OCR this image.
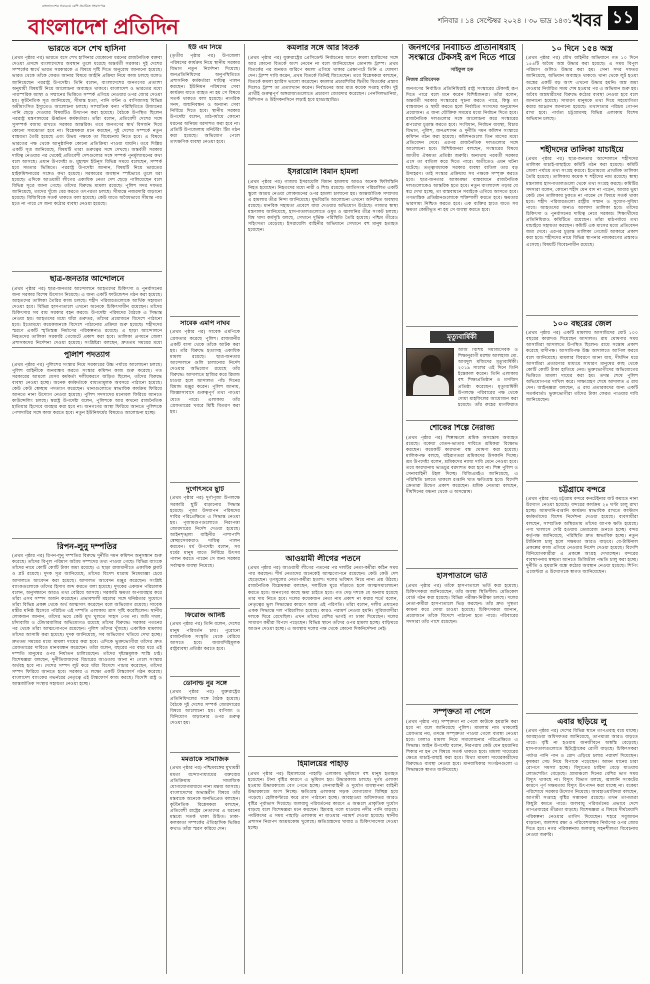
বাংলাদেশের সবচেয়ে বেশি প্রচারিত সংবাদপত্র
বাংলাদেশ প্রতিদিন	শনিবার । ১৪ সেপ্টেম্বর ২০২৪ । ৩০ ভাদ্র ১৪৩১ খবর ১১
ভারতে বসে শেখ হাসিনা
(প্রথম পৃষ্ঠার পর) ভারতে বসে শেখ হাসিনার যেকোনো ধরনের রাজনৈতিক বক্তব্য দেওয়া প্রসঙ্গে বাংলাদেশের অবস্থান তুলে ধরেছে অন্তর্বর্তী সরকার। দুই দেশের সম্পর্কের স্বার্থে ভারত সরকারকে এ বিষয়ে দৃষ্টি দিতে অনুরোধ জানানো হয়েছে। ভারত থেকে তাঁকে ফেরত আনার বিষয়ে আইনি প্রক্রিয়া নিয়ে কাজ চলছে বলেও জানিয়েছেন পররাষ্ট্র উপদেষ্টা। তিনি বলেন, বাংলাদেশের জনগণের প্রত্যাশা অনুযায়ী বিষয়টি নিয়ে আলোচনা অব্যাহত থাকবে। বাংলাদেশ ও ভারতের মধ্যে পারস্পরিক আস্থা ও সম্মানের ভিত্তিতে সম্পর্ক এগিয়ে নেওয়ার ওপর জোর দেওয়া হয়। কূটনৈতিক সূত্র জানিয়েছে, সীমান্ত হত্যা, পানি বণ্টন ও বাণিজ্যসহ বিভিন্ন অমীমাংসিত ইস্যুতেও আলোচনা চলছে। সাম্প্রতিক বন্যা পরিস্থিতিতে উজানের পানি ছেড়ে দেওয়ার বিষয়টিও উত্থাপন করা হয়েছে। বৈঠকে উপস্থিত ছিলেন পররাষ্ট্র মন্ত্রণালয়ের ঊর্ধ্বতন কর্মকর্তারা। তাঁরা বলেন, প্রতিবেশী দেশের সঙ্গে সুসম্পর্ক বজায় রাখতে সরকার আন্তরিক। তবে জনগণের স্বার্থ বিসর্জন দিয়ে কোনো সমঝোতা হবে না। বিশ্লেষকরা মনে করছেন, দুই দেশের সম্পর্কে নতুন বাস্তবতা তৈরি হয়েছে এবং উভয় পক্ষকে তা বিবেচনায় নিতে হবে। এ বিষয়ে ভারতের পক্ষ থেকে আনুষ্ঠানিক কোনো প্রতিক্রিয়া পাওয়া যায়নি। তবে দিল্লির একটি সূত্র জানিয়েছে, বিষয়টি তারা গুরুত্বের সঙ্গে দেখছে। অন্তর্বর্তী সরকার দায়িত্ব নেওয়ার পর থেকেই প্রতিবেশী দেশগুলোর সঙ্গে সম্পর্ক পুনর্মূল্যায়নের কথা বলে আসছে। প্রধান উপদেষ্টা ড. মুহাম্মদ ইউনূস বিভিন্ন সময়ে বলেছেন, সম্পর্ক হবে সমতার ভিত্তিতে। পররাষ্ট্র উপদেষ্টা জানান, বিষয়টি নিয়ে ভারতের হাইকমিশনারের সঙ্গেও কথা হয়েছে। সরকারের অবস্থান স্পষ্টভাবে তুলে ধরা হয়েছে। এদিকে আওয়ামী লীগের একাধিক নেতা দেশ ছেড়ে পালিয়েছেন বলে বিভিন্ন সূত্রে জানা গেছে। তাঁদের বিরুদ্ধে মামলা রয়েছে। পুলিশ সদর দফতর জানিয়েছে, তাদের খুঁজে বের করতে তৎপরতা চলছে। সীমান্তে নজরদারি বাড়ানো হয়েছে। বিজিবিকে সতর্ক থাকতে বলা হয়েছে। কেউ যাতে অবৈধভাবে সীমান্ত পার হতে না পারে সে জন্য কঠোর ব্যবস্থা নেওয়া হয়েছে।
ছাত্র-জনতার আন্দোলনে
(প্রথম পৃষ্ঠার পর) ছাত্র-জনতার আন্দোলনে আহতদের চিকিৎসা ও পুনর্বাসনের জন্য সরকার বিশেষ উদ্যোগ নিয়েছে। এ জন্য একটি ফাউন্ডেশন গঠন করা হয়েছে। আহতদের তালিকা তৈরির কাজ চলছে। শহীদ পরিবারগুলোকে আর্থিক সহায়তা দেওয়া হবে। বিভিন্ন হাসপাতালে এখনো অনেকে চিকিৎসাধীন রয়েছেন। তাঁদের চিকিৎসার সব ব্যয় সরকার বহন করবে। উপদেষ্টা পরিষদের বৈঠকে এ সিদ্ধান্ত নেওয়া হয়। আহতদের মধ্যে যাঁরা গুরুতর, তাঁদের প্রয়োজনে বিদেশে পাঠানো হবে। ইতোমধ্যে কয়েকজনকে বিদেশে পাঠানোর প্রক্রিয়া শুরু হয়েছে। শহীদদের স্মরণে একটি স্মৃতিস্তম্ভ নির্মাণের পরিকল্পনাও রয়েছে। এ ছাড়া আন্দোলনে নিহতদের তালিকা সরকারি গেজেটে প্রকাশ করা হবে। তালিকা প্রণয়নে জেলা প্রশাসকদের নির্দেশনা দেওয়া হয়েছে। সংশ্লিষ্টরা বলছেন, দ্রুততম সময়ের মধ্যে
পুলিশি পদত্যাগ
(প্রথম পৃষ্ঠার পর) পুলিশের সংস্কার নিয়ে সরকারের উচ্চ পর্যায়ে আলোচনা চলছে। পুলিশ বাহিনীকে জনবান্ধব করতে সংস্কার কমিশন কাজ শুরু করেছে। গত সরকারের আমলে যেসব কর্মকর্তা দলীয়করণে জড়িত ছিলেন, তাঁদের বিরুদ্ধে ব্যবস্থা নেওয়া হচ্ছে। অনেক কর্মকর্তাকে বাধ্যতামূলক অবসরে পাঠানো হয়েছে। কেউ কেউ স্বেচ্ছায় পদত্যাগ করেছেন। থানাগুলোতে স্বাভাবিক কার্যক্রম ফিরিয়ে আনতে নানা উদ্যোগ নেওয়া হয়েছে। পুলিশ সদস্যদের মনোবল ফিরিয়ে আনতে কাউন্সেলিং চলছে। স্বরাষ্ট্র উপদেষ্টা বলেন, পুলিশকে আর কখনো রাজনৈতিক হাতিয়ার হিসেবে ব্যবহার করা হবে না। জনগণের আস্থা ফিরিয়ে আনতে পুলিশকে পেশাদারির সঙ্গে কাজ করতে হবে। নতুন ইউনিফর্মের বিষয়েও আলোচনা হচ্ছে।
রিপন-লুনু দম্পতির
(প্রথম পৃষ্ঠার পর) রিপন-লুনু দম্পতির বিরুদ্ধে দুর্নীতি দমন কমিশন অনুসন্ধান শুরু করেছে। তাঁদের বিপুল পরিমাণ অবৈধ সম্পদের তথ্য পাওয়া গেছে। বিভিন্ন ব্যাংকে তাঁদের নামে কোটি কোটি টাকা জমা রয়েছে। এ ছাড়া রাজধানীতে একাধিক ফ্ল্যাট ও প্লট রয়েছে। দুদক সূত্র জানিয়েছে, তাঁদের বিদেশ যাত্রায় নিষেধাজ্ঞা চেয়ে আদালতে আবেদন করা হয়েছে। আদালত আবেদন মঞ্জুর করেছেন। সংশ্লিষ্ট ব্যাংকগুলোকে তাঁদের হিসাব জব্দ করতে বলা হয়েছে। দুদকের একজন পরিচালক বলেন, অনুসন্ধানে আরও তথ্য বেরিয়ে আসছে। সরকারি ক্ষমতা অপব্যবহার করে তাঁরা এসব সম্পদ অর্জন করেছেন। প্রভাবশালী মহলের সঙ্গে ঘনিষ্ঠতার সুযোগে তাঁরা বিভিন্ন প্রকল্প থেকে অর্থ আত্মসাৎ করেছেন বলে অভিযোগ রয়েছে। সাবেক মন্ত্রীর ঘনিষ্ঠ হিসেবে পরিচিত এই দম্পতি এলাকায় ত্রাস সৃষ্টি করেছিলেন। স্থানীয় লোকজন জানান, তাঁদের ভয়ে কেউ মুখ খুলতে সাহস পেত না। জমি দখল, চাঁদাবাজি ও টেন্ডারবাজির অভিযোগও রয়েছে তাঁদের বিরুদ্ধে। সরকার পতনের পর থেকে তাঁরা আত্মগোপনে রয়েছেন। পুলিশ তাঁদের খুঁজছে। একাধিক মামলায় তাঁদের আসামি করা হয়েছে। দুদক জানিয়েছে, সব অভিযোগ খতিয়ে দেখা হচ্ছে। দ্রুততম সময়ের মধ্যে মামলা দায়ের করা হবে। এদিকে ভুক্তভোগীরা তাঁদের দ্রুত গ্রেফতারের দাবিতে মানববন্ধন করেছেন। তাঁরা বলেন, বছরের পর বছর ধরে এই দম্পতি মানুষের ওপর নির্যাতন চালিয়েছেন। তাঁদের দৃষ্টান্তমূলক শাস্তি চাই। বিশেষজ্ঞরা বলছেন, দুর্নীতিবাজদের বিচারের আওতায় আনা না গেলে সংস্কার অর্থবহ হবে না। দেশের সম্পদ লুট করে যাঁরা বিদেশে পাচার করেছেন, তাঁদের সম্পদ ফিরিয়ে আনতে হবে। সরকার এ লক্ষ্যে একটি টাস্কফোর্স গঠন করেছে। বাংলাদেশ ব্যাংকের গভর্নরের নেতৃত্বে এই টাস্কফোর্স কাজ করছে। বিদেশি রাষ্ট্র ও আন্তর্জাতিক সংস্থার সহায়তা নেওয়া হচ্ছে।
ইউ এম নিয়ে
(তৃতীয় পৃষ্ঠার পর) উপজেলা পরিষদের কার্যক্রম নিয়ে স্থানীয় সরকার বিভাগ নতুন নির্দেশনা দিয়েছে। জনপ্রতিনিধিদের অনুপস্থিতিতে প্রশাসনিক কর্মকর্তারা দায়িত্ব পালন করছেন। ইউনিয়ন পরিষদের সেবা কার্যক্রম যাতে ব্যাহত না হয় সে বিষয়ে সতর্ক থাকতে বলা হয়েছে। নাগরিক সনদ, জন্মনিবন্ধন ও অন্যান্য সেবা নির্বিঘ্নে দিতে হবে। স্থানীয় সরকার উপদেষ্টা বলেন, মাঠপর্যায়ে কোনো ধরনের অনিয়ম বরদাশত করা হবে না। প্রতিটি উপজেলায় মনিটরিং টিম গঠন করা হয়েছে। অভিযোগ পেলে তাৎক্ষণিক ব্যবস্থা নেওয়া হবে।
সাবেক এমপি নাঘব
(প্রথম পৃষ্ঠার পর) সাবেক এমপিকে গ্রেফতার করেছে পুলিশ। রাজধানীর একটি বাসা থেকে তাঁকে আটক করা হয়। তাঁর বিরুদ্ধে হত্যাসহ একাধিক মামলা রয়েছে। ছাত্র-জনতার আন্দোলনে গুলি চালানোর নির্দেশ দেওয়ার অভিযোগ রয়েছে তাঁর বিরুদ্ধে। আদালতে হাজির করে রিমান্ড চাওয়া হলে আদালত পাঁচ দিনের রিমান্ড মঞ্জুর করেন। পুলিশ জানায়, জিজ্ঞাসাবাদে গুরুত্বপূর্ণ তথ্য পাওয়া যেতে পারে। এলাকায় তাঁর গ্রেফতারের খবরে মিষ্টি বিতরণ করা হয়।
দুর্গোৎসবে ছুটি
(প্রথম পৃষ্ঠার পর) দুর্গাপূজা উপলক্ষে সরকারি ছুটি বাড়ানোর সিদ্ধান্ত হয়েছে। পূজা উদযাপন পরিষদের দাবির পরিপ্রেক্ষিতে এ সিদ্ধান্ত নেওয়া হয়। পূজামণ্ডপগুলোতে নিরাপত্তা জোরদারের নির্দেশ দেওয়া হয়েছে। আইনশৃঙ্খলা বাহিনীর পাশাপাশি স্বেচ্ছাসেবকরাও দায়িত্ব পালন করবেন। ধর্ম উপদেষ্টা বলেন, সব ধর্মের মানুষ যাতে নির্বিঘ্নে উৎসব পালন করতে পারেন সে জন্য সরকার সর্বাত্মক ব্যবস্থা নিয়েছে।
ফিরোজ আনিষ্ট
(প্রথম পৃষ্ঠার পর) তিনি বলেন, দেশের মানুষ পরিবর্তন চায়। পুরোনো রাজনৈতিক সংস্কৃতি থেকে বেরিয়ে আসতে হবে। জবাবদিহিমূলক রাষ্ট্রব্যবস্থা প্রতিষ্ঠা করতে হবে।
ডোনাল্ড নুর সঙ্গে
(প্রথম পৃষ্ঠার পর) যুক্তরাষ্ট্রের প্রতিনিধিদলের সঙ্গে বৈঠক হয়েছে। বৈঠকে দুই দেশের সম্পর্ক জোরদারের বিষয়ে আলোচনা হয়। বাণিজ্য ও বিনিয়োগ বাড়ানোর ওপর গুরুত্ব দেওয়া হয়।
মমতাকে সামাজিক
(প্রথম পৃষ্ঠার পর) পশ্চিমবঙ্গের মুখ্যমন্ত্রী মমতা বন্দ্যোপাধ্যায়ের বক্তব্যের প্রতিক্রিয়ায় সামাজিক যোগাযোগমাধ্যমে নানা মন্তব্য আসছে। বাংলাদেশের অভ্যন্তরীণ বিষয়ে তাঁর মন্তব্যকে অনেকে অনভিপ্রেত বলছেন। কূটনৈতিক বিশ্লেষকরা বলছেন, প্রতিবেশী রাষ্ট্রের নেতাদের এ ধরনের মন্তব্যে সতর্ক থাকা উচিত। ঢাকা-কলকাতা সম্পর্কের ঐতিহাসিক ভিত্তির কথাও তাঁরা স্মরণ করিয়ে দেন।
কমলার সঙ্গে আর বিতর্ক
(প্রথম পৃষ্ঠার পর) যুক্তরাষ্ট্রের প্রেসিডেন্ট নির্বাচনের আগে কমলা হ্যারিসের সঙ্গে আর কোনো বিতর্কে অংশ নেবেন না বলে জানিয়েছেন ডোনাল্ড ট্রাম্প। প্রথম বিতর্কের পর জনমত জরিপে কমলা এগিয়ে থাকার প্রেক্ষাপটে তিনি এ ঘোষণা দেন। ট্রাম্প দাবি করেন, প্রথম বিতর্কে তিনিই জিতেছেন। তবে বিশ্লেষকরা বলছেন, বিতর্কে কমলা হ্যারিস ভালো করেছেন। কমলার প্রচারশিবির দ্বিতীয় বিতর্কের প্রস্তাব দিলেও ট্রাম্প তা প্রত্যাখ্যান করেন। নির্বাচনের আর মাত্র কয়েক সপ্তাহ বাকি। দুই প্রার্থীই গুরুত্বপূর্ণ অঙ্গরাজ্যগুলোতে প্রচারণা জোরদার করেছেন। পেনসিলভানিয়া, মিশিগান ও উইসকনসিনে লড়াই হবে হাড্ডাহাড্ডি।
ইসরায়েলি বিমান হামলা
(প্রথম পৃষ্ঠার পর) গাজায় ইসরায়েলি বিমান হামলায় আরও অনেক ফিলিস্তিনি নিহত হয়েছেন। নিহতদের মধ্যে নারী ও শিশু রয়েছে। জাতিসংঘ পরিচালিত একটি স্কুলে আশ্রয় নেওয়া লোকজনের ওপর হামলা চালানো হয়। আন্তর্জাতিক সম্প্রদায় এ হামলার তীব্র নিন্দা জানিয়েছে। যুদ্ধবিরতি আলোচনা এখনো অনিশ্চিত অবস্থায় রয়েছে। মানবিক সহায়তা প্রবেশে বাধা দেওয়ার অভিযোগ উঠেছে। গাজার স্বাস্থ্য মন্ত্রণালয় জানিয়েছে, হাসপাতালগুলোতে ওষুধ ও জ্বালানির তীব্র সংকট চলছে। বিশ্ব খাদ্য কর্মসূচি বলছে, সেখানে দুর্ভিক্ষ পরিস্থিতি তৈরি হয়েছে। পশ্চিম তীরেও সহিংসতা বেড়েছে। ইসরায়েলি বাহিনীর অভিযানে সেখানে বহু মানুষ হতাহত হয়েছেন।
আওয়ামী লীগের পতনে
(প্রথম পৃষ্ঠার পর) আওয়ামী লীগের পতনের পর দলটির নেতা-কর্মীরা কঠিন সময় পার করছেন। শীর্ষ নেতাদের অনেকেই আত্মগোপনে রয়েছেন। কেউ কেউ দেশ ছেড়েছেন। তৃণমূলের নেতা-কর্মীরা হতাশ। দলের ভবিষ্যৎ নিয়ে নানা প্রশ্ন উঠছে। রাজনৈতিক বিশ্লেষকরা বলছেন, দলটিকে ঘুরে দাঁড়াতে হলে আত্মসমালোচনা করতে হবে। জনগণের কাছে ক্ষমা চাইতে হবে। গত দেড় দশকে যে অন্যায় হয়েছে তার দায় নিতে হবে। দলের কয়েকজন নেতা নাম প্রকাশ না করার শর্তে বলেন, নেতৃত্বের ভুল সিদ্ধান্তের কারণে আজ এই পরিণতি। তাঁরা বলেন, দলীয় প্রধানের একক সিদ্ধান্তে দল পরিচালিত হয়েছে। কারও পরামর্শ নেওয়া হয়নি। সুবিধাবাদীরা দলকে ঘিরে রেখেছিল। এখন তাঁদের বেশির ভাগই গা ঢাকা দিয়েছেন। দলের সাধারণ কর্মীরা বিপদে পড়েছেন। বিভিন্ন স্থানে তাঁদের ওপর হামলা হচ্ছে। বাড়িঘরে আগুন দেওয়া হচ্ছে। এ অবস্থায় দলের পক্ষ থেকে কোনো দিকনির্দেশনা নেই।
হিমালয়ের পাহাড়
(প্রথম পৃষ্ঠার পর) হিমালয়ের পাহাড়ি এলাকায় ভূমিধসে বহু মানুষ হতাহত হয়েছেন। টানা বৃষ্টির কারণে এ ভূমিধস হয়। উদ্ধারকাজ চলছে। দুর্গম এলাকা হওয়ায় উদ্ধারকাজে বেগ পেতে হচ্ছে। সেনাবাহিনী ও দুর্যোগ ব্যবস্থাপনা বাহিনী উদ্ধারকাজে অংশ নিচ্ছে। ক্ষতিগ্রস্ত এলাকার সড়ক যোগাযোগ বিচ্ছিন্ন হয়ে পড়েছে। হেলিকপ্টারে করে ত্রাণ পাঠানো হচ্ছে। আবহাওয়া অধিদফতর আরও বৃষ্টির পূর্বাভাস দিয়েছে। জলবায়ু পরিবর্তনের কারণে এ অঞ্চলে প্রাকৃতিক দুর্যোগ বাড়ছে বলে বিশেষজ্ঞরা মনে করছেন। হিমবাহ গলে যাওয়ায় নদীর পানি বাড়ছে। পর্যটকদের এ সময় পাহাড়ি এলাকায় না যাওয়ার পরামর্শ দেওয়া হয়েছে। স্থানীয় প্রশাসন নিরাপদ আশ্রয়কেন্দ্র খুলেছে। ক্ষতিগ্রস্তদের খাবার ও চিকিৎসাসেবা দেওয়া হচ্ছে।
জনগণের নির্বাচিত প্রতিনিধিরাই সংস্কারে টেকসই রূপ দিতে পারে
সাইফুল হক
নিজস্ব প্রতিবেদক
জনগণের নির্বাচিত প্রতিনিধিরাই রাষ্ট্র সংস্কারের টেকসই রূপ দিতে পারে বলে মনে করেন বিশিষ্টজনরা। তাঁরা বলেন, অন্তর্বর্তী সরকার সংস্কারের সূচনা করতে পারে, কিন্তু তা বাস্তবায়ন ও স্থায়ী করতে হলে নির্বাচিত সংসদের অনুমোদন প্রয়োজন। এ জন্য যৌক্তিক সময়ের মধ্যে নির্বাচন দিতে হবে। রাজনৈতিক দলগুলোর সঙ্গে আলোচনা করে সংস্কারের রূপরেখা চূড়ান্ত করতে হবে। সংবিধান, নির্বাচন ব্যবস্থা, বিচার বিভাগ, পুলিশ, জনপ্রশাসন ও দুর্নীতি দমন কমিশন সংস্কারে কমিশন গঠন করা হয়েছে। কমিশনগুলো তিন মাসের মধ্যে প্রতিবেদন দেবে। এরপর রাজনৈতিক দলগুলোর সঙ্গে আলোচনা হবে। বিশিষ্টজনরা বলছেন, সংস্কারের বিষয়ে জাতীয় ঐকমত্য প্রতিষ্ঠা জরুরি। অন্যথায় পরবর্তী সরকার এসে তা বাতিল করে দিতে পারে। অতীতেও এমন ঘটনা ঘটেছে। তত্ত্বাবধায়ক সরকার ব্যবস্থা বাতিল তার বড় উদাহরণ। তাই সংস্কার প্রক্রিয়ায় সব পক্ষকে সম্পৃক্ত করতে হবে। ছাত্র-জনতার আকাঙ্ক্ষা বাস্তবায়নে রাজনৈতিক দলগুলোকেও আন্তরিক হতে হবে। নতুন বাংলাদেশ গড়ার যে স্বপ্ন দেখা হচ্ছে, তা বাস্তবায়নে সবাইকে এগিয়ে আসতে হবে। গণতান্ত্রিক প্রতিষ্ঠানগুলোকে শক্তিশালী করতে হবে। ক্ষমতার ভারসাম্য নিশ্চিত করতে হবে। এক ব্যক্তির হাতে যাতে সব ক্ষমতা কেন্দ্রীভূত না হয় সে ব্যবস্থা করতে হবে।
মৃত্যুবার্ষিকী
আজ বিশিষ্ট সমাজসেবক ও শিক্ষানুরাগী মরহুম আলহাজ মো. আবদুল মজিদের মৃত্যুবার্ষিকী। ২০১৯ সালের এই দিনে তিনি ইন্তেকাল করেন। তিনি এলাকায় বহু শিক্ষাপ্রতিষ্ঠান ও মসজিদ প্রতিষ্ঠা করেছেন। মৃত্যুবার্ষিকী উপলক্ষে পরিবারের পক্ষ থেকে দোয়া মাহফিলের আয়োজন করা হয়েছে। তাঁর রুহের মাগফিরাত
শোকের শিল্পে নৈরাজ্য
(প্রথম পৃষ্ঠার পর) শিল্পাঞ্চলে শ্রমিক অসন্তোষ অব্যাহত রয়েছে। বকেয়া বেতন-ভাতার দাবিতে শ্রমিকরা বিক্ষোভ করছেন। কয়েকটি কারখানা বন্ধ ঘোষণা করা হয়েছে। মালিকপক্ষ বলছে, বহিরাগতরা শ্রমিকদের উসকানি দিচ্ছে। শ্রম উপদেষ্টা বলেন, শ্রমিকদের ন্যায্য দাবি মেনে নেওয়া হবে। তবে কারখানায় ভাঙচুর বরদাশত করা হবে না। শিল্প পুলিশ ও সেনাবাহিনী টহল দিচ্ছে। বিজিএমইএ জানিয়েছে, এ পরিস্থিতি চলতে থাকলে রপ্তানি খাত ক্ষতিগ্রস্ত হবে। বিদেশি ক্রেতারা উদ্বেগ প্রকাশ করেছেন। শ্রমিক নেতারা বলছেন, দীর্ঘদিনের বঞ্চনা থেকে এ অসন্তোষ।
হাসপাতালে ভর্তি
(প্রথম পৃষ্ঠার পর) তাঁকে হাসপাতালে ভর্তি করা হয়েছে। চিকিৎসকরা জানিয়েছেন, তাঁর অবস্থা স্থিতিশীল। মেডিকেল বোর্ড গঠন করা হয়েছে। বিভিন্ন পরীক্ষা-নিরীক্ষা চলছে। দলের নেতা-কর্মীরা হাসপাতালে ভিড় করছেন। তাঁর দ্রুত সুস্থতা কামনা করে দোয়া চাওয়া হয়েছে। চিকিৎসকরা জানান, প্রয়োজনে তাঁকে বিদেশে পাঠানো হতে পারে। পরিবারের সদস্যরা তাঁর পাশে রয়েছেন।
সম্পৃক্ততা না পেলে
(প্রথম পৃষ্ঠার পর) সম্পৃক্ততা না পেলে কাউকে হয়রানি করা হবে না বলে জানিয়েছে পুলিশ। মামলায় নাম থাকলেই গ্রেফতার নয়, তদন্তে সম্পৃক্ততা পাওয়া গেলে ব্যবস্থা নেওয়া হবে। ঢালাও মামলা নিয়ে সমালোচনার পরিপ্রেক্ষিতে এ সিদ্ধান্ত। আইন উপদেষ্টা বলেন, নিরপরাধ কেউ যেন হয়রানির শিকার না হন সে বিষয়ে সতর্ক থাকতে হবে। মামলা দায়েরের ক্ষেত্রে যাচাই-বাছাই করা হবে। মিথ্যা মামলা দায়েরকারীদের বিরুদ্ধেও ব্যবস্থা নেওয়া হবে। মানবাধিকার সংগঠনগুলো এ সিদ্ধান্তকে স্বাগত জানিয়েছে।
১০ দিনে ১৫৪ অস্ত্র
(প্রথম পৃষ্ঠার পর) যৌথ বাহিনীর অভিযানে গত ১০ দিনে ১৫৪টি অবৈধ অস্ত্র উদ্ধার করা হয়েছে। এ সময় বিপুল পরিমাণ গুলিও উদ্ধার করা হয়। সেনা সদর দফতর জানিয়েছে, অভিযান অব্যাহত থাকবে। থানা থেকে লুট হওয়া অস্ত্রের একটি বড় অংশ এখনো উদ্ধার হয়নি। অস্ত্র জমা দেওয়ার নির্ধারিত সময় শেষ হওয়ার পর এ অভিযান শুরু হয়। অবৈধ অস্ত্রধারীদের বিরুদ্ধে কঠোর ব্যবস্থা নেওয়া হবে বলে জানানো হয়েছে। সাধারণ মানুষকে তথ্য দিয়ে সহযোগিতা করার আহ্বান জানানো হয়েছে। তথ্যদাতার পরিচয় গোপন রাখা হবে। পার্বত্য চট্টগ্রামসহ বিভিন্ন এলাকায় বিশেষ অভিযান চলছে।
শহীদদের তালিকা যাচাইয়ে
(প্রথম পৃষ্ঠার পর) ছাত্র-জনতার আন্দোলনে শহীদদের তালিকা যাচাই-বাছাইয়ে কমিটি গঠন করা হয়েছে। কমিটি জেলা পর্যায়ে তথ্য সংগ্রহ করবে। ইতোমধ্যে প্রাথমিক তালিকা তৈরি হয়েছে। তালিকায় কয়েক শ শহীদের নাম রয়েছে। স্বাস্থ্য মন্ত্রণালয় হাসপাতালগুলো থেকে তথ্য সংগ্রহ করছে। কমিটির সদস্যরা বলেন, কোনো শহীদ যেন বাদ না পড়েন, আবার ভুয়া কেউ যেন তালিকায় ঢুকতে না পারেন সে বিষয়ে সতর্ক থাকা হবে। শহীদ পরিবারগুলো রাষ্ট্রীয় সম্মান ও সুযোগ-সুবিধা পাবে। আহতদের জন্যও আলাদা তালিকা হবে। তাঁদের চিকিৎসা ও পুনর্বাসনের দায়িত্ব নেবে সরকার। শিক্ষার্থীদের প্রতিনিধিরাও কমিটিতে রয়েছেন। তাঁরা মাঠপর্যায়ে তথ্য যাচাইয়ে সহায়তা করছেন। কমিটি এক মাসের মধ্যে প্রতিবেদন জমা দেবে। এরপর চূড়ান্ত তালিকা গেজেট আকারে প্রকাশ করা হবে। শহীদদের নামে বিভিন্ন স্থাপনার নামকরণের প্রস্তাবও এসেছে। বিষয়টি বিবেচনাধীন রয়েছে।
১০০ বছরের জেল
(প্রথম পৃষ্ঠার পর) একটি মামলায় আসামিদের মোট ১০০ বছরের কারাদণ্ড দিয়েছেন আদালত। রায় ঘোষণার সময় আসামিরা আদালতে উপস্থিত ছিলেন। রায়ে সন্তোষ প্রকাশ করেছে বাদীপক্ষ। আসামিপক্ষ উচ্চ আদালতে আপিল করবে বলে জানিয়েছে। মামলার বিবরণে জানা যায়, দীর্ঘদিন ধরে আসামিরা প্রতারণার মাধ্যমে সাধারণ মানুষের কাছ থেকে কোটি কোটি টাকা হাতিয়ে নেয়। ভুক্তভোগীদের অভিযোগের ভিত্তিতে মামলা দায়ের করা হয়। তদন্ত শেষে পুলিশ অভিযোগপত্র দাখিল করে। সাক্ষ্যগ্রহণ শেষে আদালত এ রায় দেন। আইনজ্ঞরা বলছেন, এ রায় প্রতারকদের জন্য একটি সতর্কবার্তা। ভুক্তভোগীরা তাঁদের টাকা ফেরত পাওয়ার দাবি জানিয়েছেন।
চট্টগ্রামে বন্দরে
(প্রথম পৃষ্ঠার পর) চট্টগ্রাম বন্দরে কনটেইনার জট কমাতে নানা উদ্যোগ নেওয়া হয়েছে। বন্দরের কার্যক্রম ২৪ ঘণ্টা চালু রাখা হচ্ছে। আমদানি-রপ্তানি কার্যক্রম স্বাভাবিক রাখতে কাস্টমস কর্মকর্তাদের বিশেষ নির্দেশনা দেওয়া হয়েছে। ব্যবসায়ীরা বলছেন, সাম্প্রতিক অস্থিরতায় তাঁদের ব্যাপক ক্ষতি হয়েছে। পণ্য খালাসে দেরি হওয়ায় ডেমারেজ গুনতে হচ্ছে। বন্দর কর্তৃপক্ষ জানিয়েছে, পরিস্থিতি দ্রুত স্বাভাবিক হচ্ছে। নতুন টার্মিনাল চালু হলে সক্ষমতা আরও বাড়বে। বে-টার্মিনাল প্রকল্পের কাজ এগিয়ে নেওয়ার নির্দেশ দেওয়া হয়েছে। বিদেশি বিনিয়োগকারীরা এ প্রকল্পে আগ্রহ দেখাচ্ছেন। বন্দরের ব্যবস্থাপনায় স্বচ্ছতা আনতে ডিজিটাল পদ্ধতি চালু করা হচ্ছে। দুর্নীতি ও হয়রানি বন্ধে কঠোর অবস্থান নেওয়া হয়েছে। শিপিং এজেন্টরা এ উদ্যোগকে স্বাগত জানিয়েছেন।
এবার ছড়িয়ে লু
(প্রথম পৃষ্ঠার পর) দেশের বিভিন্ন স্থানে তাপপ্রবাহ বয়ে যাচ্ছে। আবহাওয়া অধিদফতর জানিয়েছে, তাপমাত্রা আরও বাড়তে পারে। বৃষ্টি না হওয়ায় জনজীবনে অস্বস্তি বেড়েছে। হাসপাতালগুলোতে হিটস্ট্রোকের রোগী বাড়ছে। চিকিৎসকরা পর্যাপ্ত পানি পান ও রোদ এড়িয়ে চলার পরামর্শ দিয়েছেন। কৃষকরা সেচ নিয়ে বিপাকে পড়েছেন। আমন ধানের চারা রোপণে সমস্যা হচ্ছে। বিদ্যুতের চাহিদা বেড়ে যাওয়ায় লোডশেডিং বেড়েছে। গ্রামাঞ্চলে দিনের বেশির ভাগ সময় বিদ্যুৎ থাকছে না। বিদ্যুৎ বিভাগ বলছে, জ্বালানি সংকটের কারণে পূর্ণ সক্ষমতায় বিদ্যুৎ উৎপাদন করা যাচ্ছে না। বকেয়া পরিশোধে সরকার উদ্যোগ নিয়েছে। আবহাওয়াবিদরা বলছেন, আগামী সপ্তাহে বৃষ্টির সম্ভাবনা রয়েছে। তখন তাপমাত্রা কিছুটা কমতে পারে। জলবায়ু পরিবর্তনের প্রভাবে দেশে তাপপ্রবাহের তীব্রতা বাড়ছে। বিশেষজ্ঞরা এ বিষয়ে দীর্ঘমেয়াদি পরিকল্পনা নেওয়ার তাগিদ দিয়েছেন। শহরে সবুজায়ন বাড়ানো, জলাশয় রক্ষা ও পরিবেশবান্ধব নির্মাণের ওপর জোর দিতে হবে। নগর পরিকল্পনায় জলবায়ু সহনশীলতা বিবেচনায় নেওয়া জরুরি।
